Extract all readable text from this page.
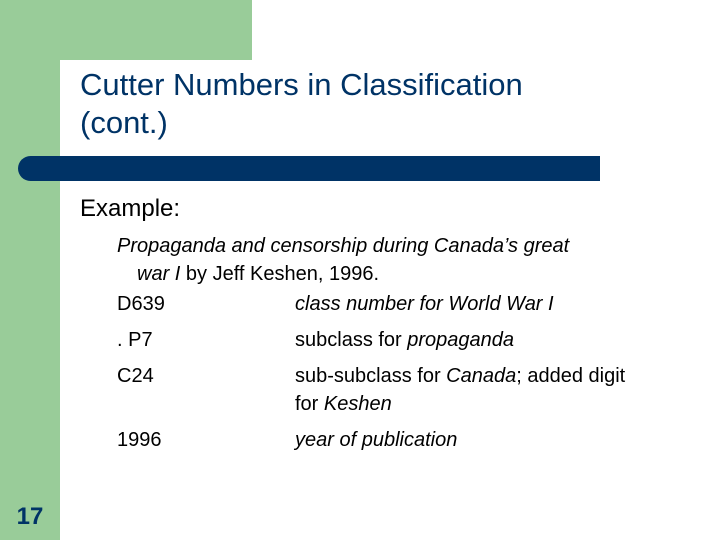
Cutter Numbers in Classification
(cont.)
Example:
Propaganda and censorship during Canada’s great
war I by Jeff Keshen, 1996.
D639	class number for World War I
. P7	subclass for propaganda
C24	sub-subclass for Canada; added digit
for Keshen
1996	year of publication
17
